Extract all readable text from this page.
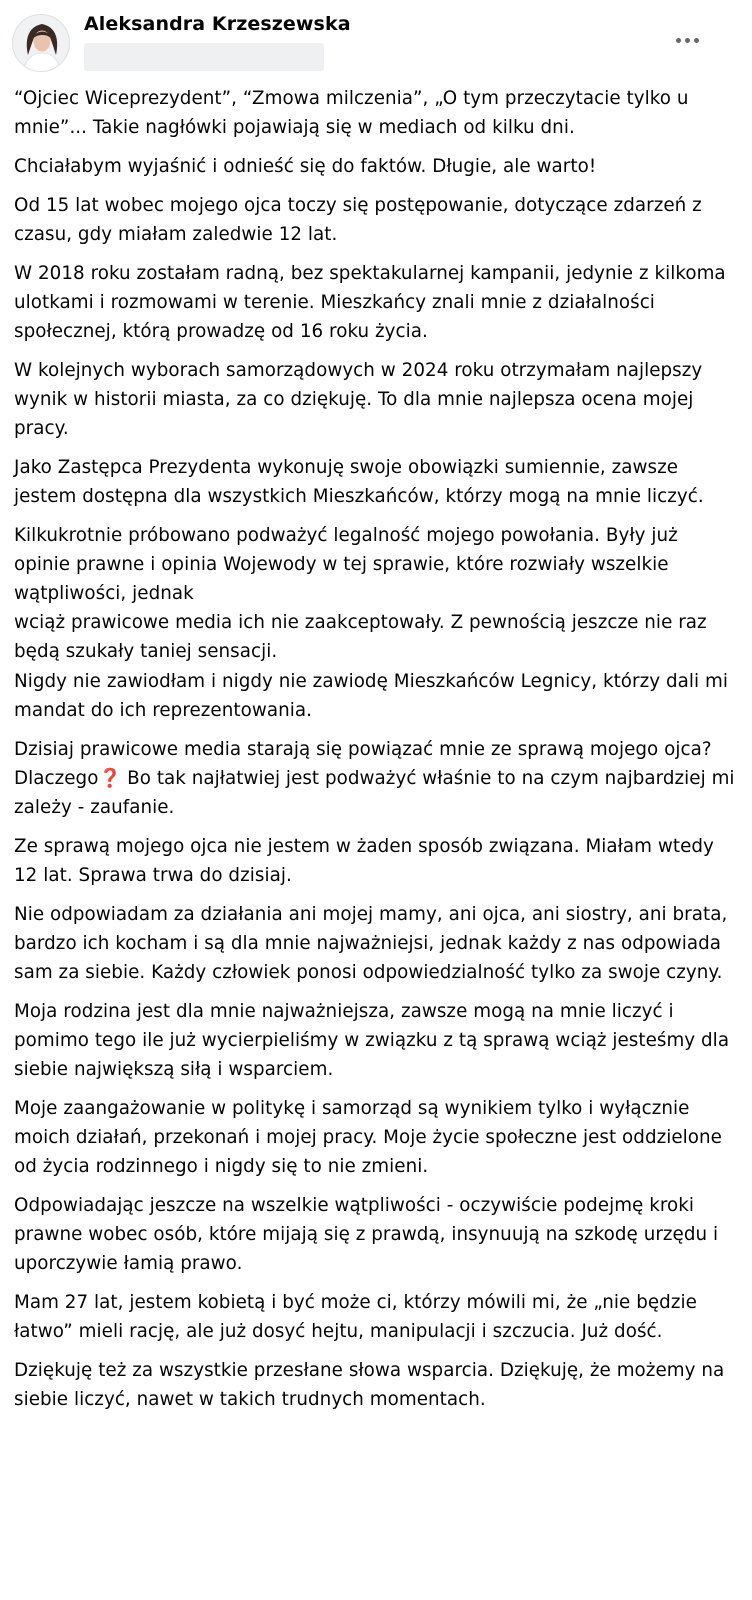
Aleksandra Krzeszewska

“Ojciec Wiceprezydent”, “Zmowa milczenia”, „O tym przeczytacie tylko u mnie”... Takie nagłówki pojawiają się w mediach od kilku dni.

Chciałabym wyjaśnić i odnieść się do faktów. Długie, ale warto!

Od 15 lat wobec mojego ojca toczy się postępowanie, dotyczące zdarzeń z czasu, gdy miałam zaledwie 12 lat.

W 2018 roku zostałam radną, bez spektakularnej kampanii, jedynie z kilkoma ulotkami i rozmowami w terenie. Mieszkańcy znali mnie z działalności społecznej, którą prowadzę od 16 roku życia.

W kolejnych wyborach samorządowych w 2024 roku otrzymałam najlepszy wynik w historii miasta, za co dziękuję. To dla mnie najlepsza ocena mojej pracy.

Jako Zastępca Prezydenta wykonuję swoje obowiązki sumiennie, zawsze jestem dostępna dla wszystkich Mieszkańców, którzy mogą na mnie liczyć.

Kilkukrotnie próbowano podważyć legalność mojego powołania. Były już opinie prawne i opinia Wojewody w tej sprawie, które rozwiały wszelkie wątpliwości, jednak

wciąż prawicowe media ich nie zaakceptowały. Z pewnością jeszcze nie raz będą szukały taniej sensacji.

Nigdy nie zawiodłam i nigdy nie zawiodę Mieszkańców Legnicy, którzy dali mi mandat do ich reprezentowania.

Dzisiaj prawicowe media starają się powiązać mnie ze sprawą mojego ojca? Dlaczego❓ Bo tak najłatwiej jest podważyć właśnie to na czym najbardziej mi zależy - zaufanie.

Ze sprawą mojego ojca nie jestem w żaden sposób związana. Miałam wtedy 12 lat. Sprawa trwa do dzisiaj.

Nie odpowiadam za działania ani mojej mamy, ani ojca, ani siostry, ani brata, bardzo ich kocham i są dla mnie najważniejsi, jednak każdy z nas odpowiada sam za siebie. Każdy człowiek ponosi odpowiedzialność tylko za swoje czyny.

Moja rodzina jest dla mnie najważniejsza, zawsze mogą na mnie liczyć i pomimo tego ile już wycierpieliśmy w związku z tą sprawą wciąż jesteśmy dla siebie największą siłą i wsparciem.

Moje zaangażowanie w politykę i samorząd są wynikiem tylko i wyłącznie moich działań, przekonań i mojej pracy. Moje życie społeczne jest oddzielone od życia rodzinnego i nigdy się to nie zmieni.

Odpowiadając jeszcze na wszelkie wątpliwości - oczywiście podejmę kroki prawne wobec osób, które mijają się z prawdą, insynuują na szkodę urzędu i uporczywie łamią prawo.

Mam 27 lat, jestem kobietą i być może ci, którzy mówili mi, że „nie będzie łatwo” mieli rację, ale już dosyć hejtu, manipulacji i szczucia. Już dość.

Dziękuję też za wszystkie przesłane słowa wsparcia. Dziękuję, że możemy na siebie liczyć, nawet w takich trudnych momentach.
